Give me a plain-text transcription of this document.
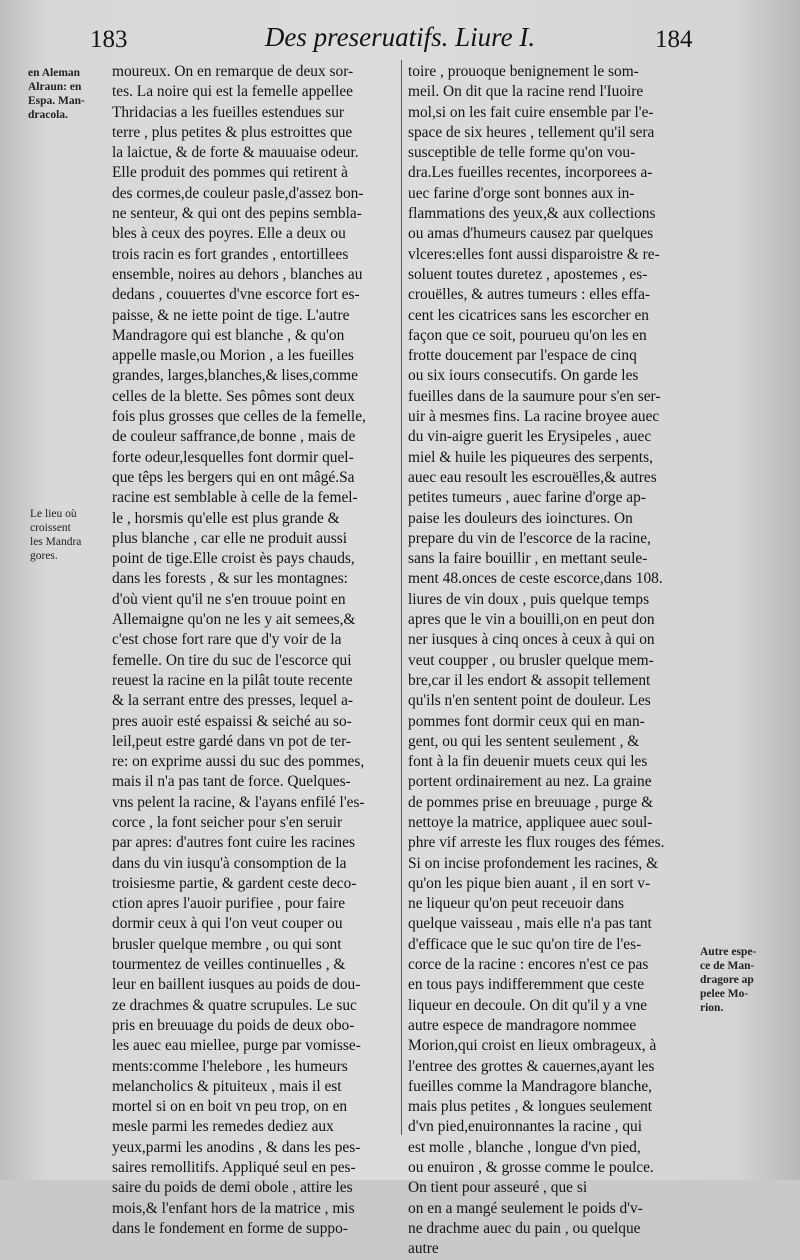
183	Des preseruatifs. Liure I.	184
en Aleman
Alraun: en
Espa. Man-
dracola.
Le lieu où
croissent
les Mandra
gores.
Autre espe-
ce de Man-
dragore ap
pelee Mo-
rion.
moureux. On en remarque de deux sor-
tes. La noire qui est la femelle appellee
Thridacias a les fueilles estendues sur
terre , plus petites & plus estroittes que
la laictue, & de forte & mauuaise odeur.
Elle produit des pommes qui retirent à
des cormes,de couleur pasle,d'assez bon-
ne senteur, & qui ont des pepins sembla-
bles à ceux des poyres. Elle a deux ou
trois racin es fort grandes , entortillees
ensemble, noires au dehors , blanches au
dedans , couuertes d'vne escorce fort es-
paisse, & ne iette point de tige. L'autre
Mandragore qui est blanche , & qu'on
appelle masle,ou Morion , a les fueilles
grandes, larges,blanches,& lises,comme
celles de la blette. Ses pômes sont deux
fois plus grosses que celles de la femelle,
de couleur saffrance,de bonne , mais de
forte odeur,lesquelles font dormir quel-
que têps les bergers qui en ont mâgé.Sa
racine est semblable à celle de la femel-
le , horsmis qu'elle est plus grande &
plus blanche , car elle ne produit aussi
point de tige.Elle croist ès pays chauds,
dans les forests , & sur les montagnes:
d'où vient qu'il ne s'en trouue point en
Allemaigne qu'on ne les y ait semees,&
c'est chose fort rare que d'y voir de la
femelle. On tire du suc de l'escorce qui
reuest la racine en la pilât toute recente
& la serrant entre des presses, lequel a-
pres auoir esté espaissi & seiché au so-
leil,peut estre gardé dans vn pot de ter-
re: on exprime aussi du suc des pommes,
mais il n'a pas tant de force. Quelques-
vns pelent la racine, & l'ayans enfilé l'es-
corce , la font seicher pour s'en seruir
par apres: d'autres font cuire les racines
dans du vin iusqu'à consomption de la
troisiesme partie, & gardent ceste deco-
ction apres l'auoir purifiee , pour faire
dormir ceux à qui l'on veut couper ou
brusler quelque membre , ou qui sont
tourmentez de veilles continuelles , &
leur en baillent iusques au poids de dou-
ze drachmes & quatre scrupules. Le suc
pris en breuuage du poids de deux obo-
les auec eau miellee, purge par vomisse-
ments:comme l'helebore , les humeurs
melancholics & pituiteux , mais il est
mortel si on en boit vn peu trop, on en
mesle parmi les remedes dediez aux
yeux,parmi les anodins , & dans les pes-
saires remollitifs. Appliqué seul en pes-
saire du poids de demi obole , attire les
mois,& l'enfant hors de la matrice , mis
dans le fondement en forme de suppo-
toire , prouoque benignement le som-
meil. On dit que la racine rend l'Iuoire
mol,si on les fait cuire ensemble par l'e-
space de six heures , tellement qu'il sera
susceptible de telle forme qu'on vou-
dra.Les fueilles recentes, incorporees a-
uec farine d'orge sont bonnes aux in-
flammations des yeux,& aux collections
ou amas d'humeurs causez par quelques
vlceres:elles font aussi disparoistre & re-
soluent toutes duretez , apostemes , es-
crouëlles, & autres tumeurs : elles effa-
cent les cicatrices sans les escorcher en
façon que ce soit, pourueu qu'on les en
frotte doucement par l'espace de cinq
ou six iours consecutifs. On garde les
fueilles dans de la saumure pour s'en ser-
uir à mesmes fins. La racine broyee auec
du vin-aigre guerit les Erysipeles , auec
miel & huile les piqueures des serpents,
auec eau resoult les escrouëlles,& autres
petites tumeurs , auec farine d'orge ap-
paise les douleurs des ioinctures. On
prepare du vin de l'escorce de la racine,
sans la faire bouillir , en mettant seule-
ment 48.onces de ceste escorce,dans 108.
liures de vin doux , puis quelque temps
apres que le vin a bouilli,on en peut don
ner iusques à cinq onces à ceux à qui on
veut coupper , ou brusler quelque mem-
bre,car il les endort & assopit tellement
qu'ils n'en sentent point de douleur. Les
pommes font dormir ceux qui en man-
gent, ou qui les sentent seulement , &
font à la fin deuenir muets ceux qui les
portent ordinairement au nez. La graine
de pommes prise en breuuage , purge &
nettoye la matrice, appliquee auec soul-
phre vif arreste les flux rouges des fémes.
Si on incise profondement les racines, &
qu'on les pique bien auant , il en sort v-
ne liqueur qu'on peut receuoir dans
quelque vaisseau , mais elle n'a pas tant
d'efficace que le suc qu'on tire de l'es-
corce de la racine : encores n'est ce pas
en tous pays indifferemment que ceste
liqueur en decoule. On dit qu'il y a vne
autre espece de mandragore nommee
Morion,qui croist en lieux ombrageux, à
l'entree des grottes & cauernes,ayant les
fueilles comme la Mandragore blanche,
mais plus petites , & longues seulement
d'vn pied,enuironnantes la racine , qui
est molle , blanche , longue d'vn pied,
ou enuiron , & grosse comme le poulce.
On tient pour asseuré , que si
on en a mangé seulement le poids d'v-
ne drachme auec du pain , ou quelque
autre
